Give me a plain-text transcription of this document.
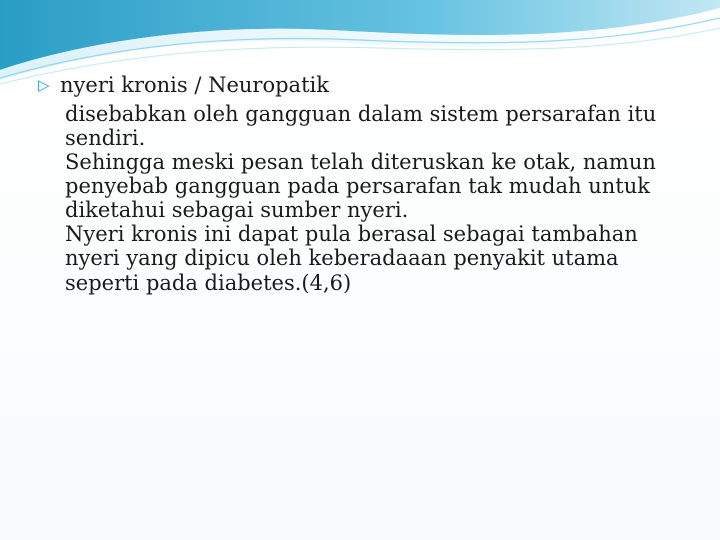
▷ nyeri kronis / Neuropatik

disebabkan oleh gangguan dalam sistem persarafan itu sendiri.

Sehingga meski pesan telah diteruskan ke otak, namun penyebab gangguan pada persarafan tak mudah untuk diketahui sebagai sumber nyeri.

Nyeri kronis ini dapat pula berasal sebagai tambahan nyeri yang dipicu oleh keberadaaan penyakit utama seperti pada diabetes.(4,6)
